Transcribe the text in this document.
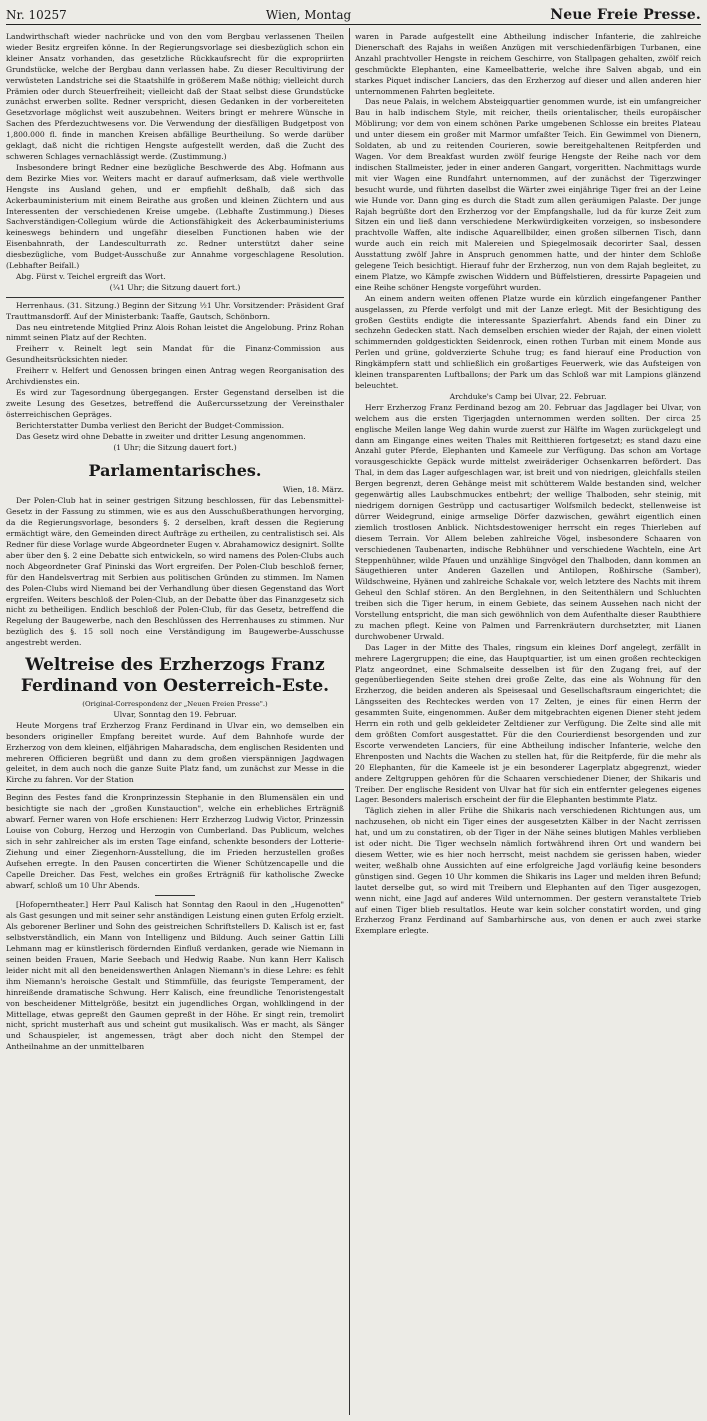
Nr. 10257	Wien, Montag	Neue Freie Presse.

Landwirthschaft wieder nachrücke und von den vom Bergbau verlassenen Theilen wieder Besitz ergreifen könne. In der Regierungsvorlage sei diesbezüglich schon ein kleiner Ansatz vorhanden, das gesetzliche Rückkaufsrecht für die expropriirten Grundstücke, welche der Bergbau dann verlassen habe. Zu dieser Recultivirung der verwüsteten Landstriche sei die Staatshilfe in größerem Maße nöthig; vielleicht durch Prämien oder durch Steuerfreiheit; vielleicht daß der Staat selbst diese Grundstücke zunächst erwerben sollte. Redner verspricht, diesen Gedanken in der vorbereiteten Gesetzvorlage möglichst weit auszubehnen. Weiters bringt er mehrere Wünsche in Sachen des Pferdezuchtwesens vor. Die Verwendung der diesfälligen Budgetpost von 1,800.000 fl. finde in manchen Kreisen abfällige Beurtheilung. So werde darüber geklagt, daß nicht die richtigen Hengste aufgestellt werden, daß die Zucht des schweren Schlages vernachlässigt werde. (Zustimmung.)

Insbesondere bringt Redner eine bezügliche Beschwerde des Abg. Hofmann aus dem Bezirke Mies vor. Weiters macht er darauf aufmerksam, daß viele werthvolle Hengste ins Ausland gehen, und er empfiehlt deßhalb, daß sich das Ackerbauministerium mit einem Beirathe aus großen und kleinen Züchtern und aus Interessenten der verschiedenen Kreise umgebe. (Lebhafte Zustimmung.) Dieses Sachverständigen-Collegium würde die Actionsfähigkeit des Ackerbauministeriums keineswegs behindern und ungefähr dieselben Functionen haben wie der Eisenbahnrath, der Landesculturrath zc. Redner unterstützt daher seine diesbezügliche, vom Budget-Ausschuße zur Annahme vorgeschlagene Resolution. (Lebhafter Beifall.)

Abg. Fürst v. Teichel ergreift das Wort.

(¼1 Uhr; die Sitzung dauert fort.)

Herrenhaus. (31. Sitzung.) Beginn der Sitzung ½1 Uhr. Vorsitzender: Präsident Graf Trauttmansdorff. Auf der Ministerbank: Taaffe, Gautsch, Schönborn.

Das neu eintretende Mitglied Prinz Alois Rohan leistet die Angelobung. Prinz Rohan nimmt seinen Platz auf der Rechten.

Freiherr v. Reinelt legt sein Mandat für die Finanz-Commission aus Gesundheitsrücksichten nieder.

Freiherr v. Helfert und Genossen bringen einen Antrag wegen Reorganisation des Archivdienstes ein.

Es wird zur Tagesordnung übergegangen. Erster Gegenstand derselben ist die zweite Lesung des Gesetzes, betreffend die Außercurssetzung der Vereinsthaler österreichischen Gepräges.

Berichterstatter Dumba verliest den Bericht der Budget-Commission.

Das Gesetz wird ohne Debatte in zweiter und dritter Lesung angenommen.

(1 Uhr; die Sitzung dauert fort.)

Parlamentarisches.

Wien, 18. März.

Der Polen-Club hat in seiner gestrigen Sitzung beschlossen, für das Lebensmittel-Gesetz in der Fassung zu stimmen, wie es aus den Ausschußberathungen hervorging, da die Regierungsvorlage, besonders §. 2 derselben, kraft dessen die Regierung ermächtigt wäre, den Gemeinden direct Aufträge zu ertheilen, zu centralistisch sei. Als Redner für diese Vorlage wurde Abgeordneter Eugen v. Abrahamowicz designirt. Sollte aber über den §. 2 eine Debatte sich entwickeln, so wird namens des Polen-Clubs auch noch Abgeordneter Graf Pininski das Wort ergreifen. Der Polen-Club beschloß ferner, für den Handelsvertrag mit Serbien aus politischen Gründen zu stimmen. Im Namen des Polen-Clubs wird Niemand bei der Verhandlung über diesen Gegenstand das Wort ergreifen. Weiters beschloß der Polen-Club, an der Debatte über das Finanzgesetz sich nicht zu betheiligen. Endlich beschloß der Polen-Club, für das Gesetz, betreffend die Regelung der Baugewerbe, nach den Beschlüssen des Herrenhauses zu stimmen. Nur bezüglich des §. 15 soll noch eine Verständigung im Baugewerbe-Ausschusse angestrebt werden.

Weltreise des Erzherzogs Franz Ferdinand von Oesterreich-Este.

(Original-Correspondenz der „Neuen Freien Presse".)

Ulvar, Sonntag den 19. Februar.

Heute Morgens traf Erzherzog Franz Ferdinand in Ulvar ein, wo demselben ein besonders origineller Empfang bereitet wurde. Auf dem Bahnhofe wurde der Erzherzog von dem kleinen, elfjährigen Maharadscha, dem englischen Residenten und mehreren Officieren begrüßt und dann zu dem großen vierspännigen Jagdwagen geleitet, in dem auch noch die ganze Suite Platz fand, um zunächst zur Messe in die Kirche zu fahren. Vor der Station

Beginn des Festes fand die Kronprinzessin Stephanie in den Blumensälen ein und besichtigte sie nach der „großen Kunstauction", welche ein erhebliches Erträgniß abwarf. Ferner waren von Hofe erschienen: Herr Erzherzog Ludwig Victor, Prinzessin Louise von Coburg, Herzog und Herzogin von Cumberland. Das Publicum, welches sich in sehr zahlreicher als im ersten Tage einfand, schenkte besonders der Lotterie-Ziehung und einer Ziegenhorn-Ausstellung, die im Frieden herzustellen großes Aufsehen erregte. In den Pausen concertirten die Wiener Schützencapelle und die Capelle Dreicher. Das Fest, welches ein großes Erträgniß für katholische Zwecke abwarf, schloß um 10 Uhr Abends.

[Hofoperntheater.] Herr Paul Kalisch hat Sonntag den Raoul in den „Hugenotten" als Gast gesungen und mit seiner sehr anständigen Leistung einen guten Erfolg erzielt. Als geborener Berliner und Sohn des geistreichen Schriftstellers D. Kalisch ist er, fast selbstverständlich, ein Mann von Intelligenz und Bildung. Auch seiner Gattin Lilli Lehmann mag er künstlerisch fördernden Einfluß verdanken, gerade wie Niemann in seinen beiden Frauen, Marie Seebach und Hedwig Raabe. Nun kann Herr Kalisch leider nicht mit all den beneidenswerthen Anlagen Niemann's in diese Lehre: es fehlt ihm Niemann's heroische Gestalt und Stimmfülle, das feurigste Temperament, der hinreißende dramatische Schwung. Herr Kalisch, eine freundliche Tenoristengestalt von bescheidener Mittelgröße, besitzt ein jugendliches Organ, wohlklingend in der Mittellage, etwas gepreßt den Gaumen gepreßt in der Höhe. Er singt rein, tremolirt nicht, spricht musterhaft aus und scheint gut musikalisch. Was er macht, als Sänger und Schauspieler, ist angemessen, trägt aber doch nicht den Stempel der Antheilnahme an der unmittelbaren

waren in Parade aufgestellt eine Abtheilung indischer Infanterie, die zahlreiche Dienerschaft des Rajahs in weißen Anzügen mit verschiedenfärbigen Turbanen, eine Anzahl prachtvoller Hengste in reichem Geschirre, von Stallpagen gehalten, zwölf reich geschmückte Elephanten, eine Kameelbatterie, welche ihre Salven abgab, und ein starkes Piquet indischer Lanciers, das den Erzherzog auf dieser und allen anderen hier unternommenen Fahrten begleitete.

Das neue Palais, in welchem Absteigquartier genommen wurde, ist ein umfangreicher Bau in halb indischem Style, mit reicher, theils orientalischer, theils europäischer Möblirung; vor dem von einem schönen Parke umgebenen Schlosse ein breites Plateau und unter diesem ein großer mit Marmor umfaßter Teich. Ein Gewimmel von Dienern, Soldaten, ab und zu reitenden Courieren, sowie bereitgehaltenen Reitpferden und Wagen. Vor dem Breakfast wurden zwölf feurige Hengste der Reihe nach vor dem indischen Stallmeister, jeder in einer anderen Gangart, vorgeritten. Nachmittags wurde mit vier Wagen eine Rundfahrt unternommen, auf der zunächst der Tigerzwinger besucht wurde, und führten daselbst die Wärter zwei einjährige Tiger frei an der Leine wie Hunde vor. Dann ging es durch die Stadt zum allen geräumigen Palaste. Der junge Rajah begrüßte dort den Erzherzog vor der Empfangshalle, lud da für kurze Zeit zum Sitzen ein und ließ dann verschiedene Merkwürdigkeiten vorzeigen, so insbesondere prachtvolle Waffen, alte indische Aquarellbilder, einen großen silbernen Tisch, dann wurde auch ein reich mit Malereien und Spiegelmosaik decorirter Saal, dessen Ausstattung zwölf Jahre in Anspruch genommen hatte, und der hinter dem Schloße gelegene Teich besichtigt. Hierauf fuhr der Erzherzog, nun von dem Rajah begleitet, zu einem Platze, wo Kämpfe zwischen Widdern und Büffelstieren, dressirte Papageien und eine Reihe schöner Hengste vorgeführt wurden.

An einem andern weiten offenen Platze wurde ein kürzlich eingefangener Panther ausgelassen, zu Pferde verfolgt und mit der Lanze erlegt. Mit der Besichtigung des großen Gestüts endigte die interessante Spazierfahrt. Abends fand ein Diner zu sechzehn Gedecken statt. Nach demselben erschien wieder der Rajah, der einen violett schimmernden goldgestickten Seidenrock, einen rothen Turban mit einem Monde aus Perlen und grüne, goldverzierte Schuhe trug; es fand hierauf eine Production von Ringkämpfern statt und schließlich ein großartiges Feuerwerk, wie das Aufsteigen von kleinen transparenten Luftballons; der Park um das Schloß war mit Lampions glänzend beleuchtet.

Archduke's Camp bei Ulvar, 22. Februar.

Herr Erzherzog Franz Ferdinand bezog am 20. Februar das Jagdlager bei Ulvar, von welchem aus die ersten Tigerjagden unternommen werden sollten. Der circa 25 englische Meilen lange Weg dahin wurde zuerst zur Hälfte im Wagen zurückgelegt und dann am Eingange eines weiten Thales mit Reitthieren fortgesetzt; es stand dazu eine Anzahl guter Pferde, Elephanten und Kameele zur Verfügung. Das schon am Vortage vorausgeschickte Gepäck wurde mittelst zweiräderiger Ochsenkarren befördert. Das Thal, in dem das Lager aufgeschlagen war, ist breit und von niedrigen, gleichfalls steilen Bergen begrenzt, deren Gehänge meist mit schütterem Walde bestanden sind, welcher gegenwärtig alles Laubschmuckes entbehrt; der wellige Thalboden, sehr steinig, mit niedrigem dornigen Gestrüpp und cactusartiger Wolfsmilch bedeckt, stellenweise ist dürrer Weidegrund, einige armselige Dörfer dazwischen, gewährt eigentlich einen ziemlich trostlosen Anblick. Nichtsdestoweniger herrscht ein reges Thierleben auf diesem Terrain. Vor Allem beleben zahlreiche Vögel, insbesondere Schaaren von verschiedenen Taubenarten, indische Rebhühner und verschiedene Wachteln, eine Art Steppenhühner, wilde Pfauen und unzählige Singvögel den Thalboden, dann kommen an Säugethieren unter Anderen Gazellen und Antilopen, Roßhirsche (Samber), Wildschweine, Hyänen und zahlreiche Schakale vor, welch letztere des Nachts mit ihrem Geheul den Schlaf stören. An den Berglehnen, in den Seitenthälern und Schluchten treiben sich die Tiger herum, in einem Gebiete, das seinem Aussehen nach nicht der Vorstellung entspricht, die man sich gewöhnlich von dem Aufenthalte dieser Raubthiere zu machen pflegt. Keine von Palmen und Farrenkräutern durchsetzter, mit Lianen durchwobener Urwald.

Das Lager in der Mitte des Thales, ringsum ein kleines Dorf angelegt, zerfällt in mehrere Lagergruppen; die eine, das Hauptquartier, ist um einen großen rechteckigen Platz angeordnet, eine Schmalseite desselben ist für den Zugang frei, auf der gegenüberliegenden Seite stehen drei große Zelte, das eine als Wohnung für den Erzherzog, die beiden anderen als Speisesaal und Gesellschaftsraum eingerichtet; die Längsseiten des Rechteckes werden von 17 Zelten, je eines für einen Herrn der gesammten Suite, eingenommen. Außer dem mitgebrachten eigenen Diener steht jedem Herrn ein roth und gelb gekleideter Zeltdiener zur Verfügung. Die Zelte sind alle mit dem größten Comfort ausgestattet. Für die den Courierdienst besorgenden und zur Escorte verwendeten Lanciers, für eine Abtheilung indischer Infanterie, welche den Ehrenposten und Nachts die Wachen zu stellen hat, für die Reitpferde, für die mehr als 20 Elephanten, für die Kameele ist je ein besonderer Lagerplatz abgegrenzt, wieder andere Zeltgruppen gehören für die Schaaren verschiedener Diener, der Shikaris und Treiber. Der englische Resident von Ulvar hat für sich ein entfernter gelegenes eigenes Lager. Besonders malerisch erscheint der für die Elephanten bestimmte Platz.

Täglich ziehen in aller Frühe die Shikaris nach verschiedenen Richtungen aus, um nachzusehen, ob nicht ein Tiger eines der ausgesetzten Kälber in der Nacht zerrissen hat, und um zu constatiren, ob der Tiger in der Nähe seines blutigen Mahles verblieben ist oder nicht. Die Tiger wechseln nämlich fortwährend ihren Ort und wandern bei diesem Wetter, wie es hier noch herrscht, meist nachdem sie gerissen haben, wieder weiter, weßhalb ohne Aussichten auf eine erfolgreiche Jagd vorläufig keine besonders günstigen sind. Gegen 10 Uhr kommen die Shikaris ins Lager und melden ihren Befund; lautet derselbe gut, so wird mit Treibern und Elephanten auf den Tiger ausgezogen, wenn nicht, eine Jagd auf anderes Wild unternommen. Der gestern veranstaltete Trieb auf einen Tiger blieb resultatlos. Heute war kein solcher constatirt worden, und ging Erzherzog Franz Ferdinand auf Sambarhirsche aus, von denen er auch zwei starke Exemplare erlegte.
